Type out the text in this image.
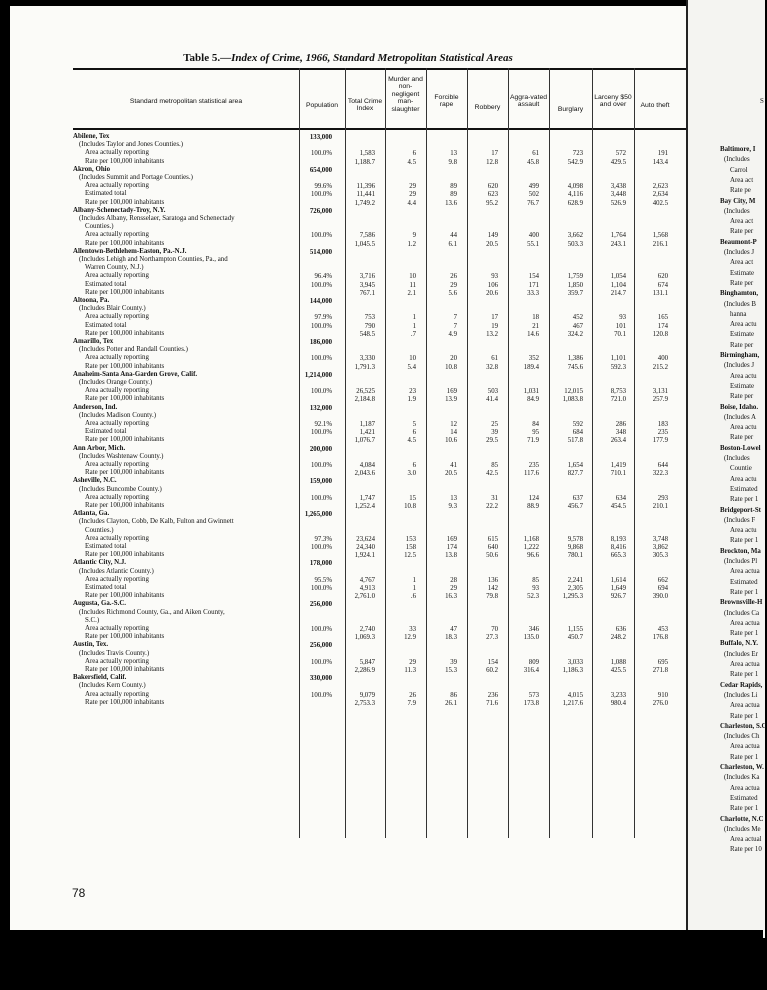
Table 5.—Index of Crime, 1966, Standard Metropolitan Statistical Areas
Standard metropolitan statistical area
Population
Total Crime Index
Murder and non-negligent man-slaughter
Forcible rape	Robbery
Aggra-vated assault
Burglary
Larceny $50 and over	Auto theft
Abilene, Tex	133,000
(Includes Taylor and Jones Counties.)
Area actually reporting	100.0%	1,583	6	13	17	61	723	572	191
Rate per 100,000 inhabitants	1,188.7	4.5	9.8	12.8	45.8	542.9	429.5	143.4
Akron, Ohio	654,000
(Includes Summit and Portage Counties.)
Area actually reporting	99.6%	11,396	29	89	620	499	4,098	3,438	2,623
Estimated total	100.0%	11,441	29	89	623	502	4,116	3,448	2,634
Rate per 100,000 inhabitants	1,749.2	4.4	13.6	95.2	76.7	628.9	526.9	402.5
Albany-Schenectady-Troy, N.Y.	726,000
(Includes Albany, Rensselaer, Saratoga and Schenectady
Counties.)
Area actually reporting	100.0%	7,586	9	44	149	400	3,662	1,764	1,568
Rate per 100,000 inhabitants	1,045.5	1.2	6.1	20.5	55.1	503.3	243.1	216.1
Allentown-Bethlehem-Easton, Pa.-N.J.	514,000
(Includes Lehigh and Northampton Counties, Pa., and
Warren County, N.J.)
Area actually reporting	96.4%	3,716	10	26	93	154	1,759	1,054	620
Estimated total	100.0%	3,945	11	29	106	171	1,850	1,104	674
Rate per 100,000 inhabitants	767.1	2.1	5.6	20.6	33.3	359.7	214.7	131.1
Altoona, Pa.	144,000
(Includes Blair County.)
Area actually reporting	97.9%	753	1	7	17	18	452	93	165
Estimated total	100.0%	790	1	7	19	21	467	101	174
Rate per 100,000 inhabitants	548.5	.7	4.9	13.2	14.6	324.2	70.1	120.8
Amarillo, Tex	186,000
(Includes Potter and Randall Counties.)
Area actually reporting	100.0%	3,330	10	20	61	352	1,386	1,101	400
Rate per 100,000 inhabitants	1,791.3	5.4	10.8	32.8	189.4	745.6	592.3	215.2
Anaheim-Santa Ana-Garden Grove, Calif.	1,214,000
(Includes Orange County.)
Area actually reporting	100.0%	26,525	23	169	503	1,031	12,015	8,753	3,131
Rate per 100,000 inhabitants	2,184.8	1.9	13.9	41.4	84.9	1,083.8	721.0	257.9
Anderson, Ind.	132,000
(Includes Madison County.)
Area actually reporting	92.1%	1,187	5	12	25	84	592	286	183
Estimated total	100.0%	1,421	6	14	39	95	684	348	235
Rate per 100,000 inhabitants	1,076.7	4.5	10.6	29.5	71.9	517.8	263.4	177.9
Ann Arbor, Mich.	200,000
(Includes Washtenaw County.)
Area actually reporting	100.0%	4,084	6	41	85	235	1,654	1,419	644
Rate per 100,000 inhabitants	2,043.6	3.0	20.5	42.5	117.6	827.7	710.1	322.3
Asheville, N.C.	159,000
(Includes Buncombe County.)
Area actually reporting	100.0%	1,747	15	13	31	124	637	634	293
Rate per 100,000 inhabitants	1,252.4	10.8	9.3	22.2	88.9	456.7	454.5	210.1
Atlanta, Ga.	1,265,000
(Includes Clayton, Cobb, De Kalb, Fulton and Gwinnett
Counties.)
Area actually reporting	97.3%	23,624	153	169	615	1,168	9,578	8,193	3,748
Estimated total	100.0%	24,340	158	174	640	1,222	9,868	8,416	3,862
Rate per 100,000 inhabitants	1,924.1	12.5	13.8	50.6	96.6	780.1	665.3	305.3
Atlantic City, N.J.	178,000
(Includes Atlantic County.)
Area actually reporting	95.5%	4,767	1	28	136	85	2,241	1,614	662
Estimated total	100.0%	4,913	1	29	142	93	2,305	1,649	694
Rate per 100,000 inhabitants	2,761.0	.6	16.3	79.8	52.3	1,295.3	926.7	390.0
Augusta, Ga.-S.C.	256,000
(Includes Richmond County, Ga., and Aiken County,
S.C.)
Area actually reporting	100.0%	2,740	33	47	70	346	1,155	636	453
Rate per 100,000 inhabitants	1,069.3	12.9	18.3	27.3	135.0	450.7	248.2	176.8
Austin, Tex.	256,000
(Includes Travis County.)
Area actually reporting	100.0%	5,847	29	39	154	809	3,033	1,088	695
Rate per 100,000 inhabitants	2,286.9	11.3	15.3	60.2	316.4	1,186.3	425.5	271.8
Bakersfield, Calif.	330,000
(Includes Kern County.)
Area actually reporting	100.0%	9,079	26	86	236	573	4,015	3,233	910
Rate per 100,000 inhabitants	2,753.3	7.9	26.1	71.6	173.8	1,217.6	980.4	276.0
78
S
Baltimore, I
(Includes
Carrol
Area act
Rate pe
Bay City, M
(Includes
Area act
Rate per
Beaumont-P
(Includes J
Area act
Estimate
Rate per
Binghamton,
(Includes B
hanna
Area actu
Estimate
Rate per
Birmingham,
(Includes J
Area actu
Estimate
Rate per
Boise, Idaho.
(Includes A
Area actu
Rate per
Boston-Lowel
(Includes
Countie
Area actu
Estimated
Rate per 1
Bridgeport-St
(Includes F
Area actu
Rate per 1
Brockton, Ma
(Includes Pl
Area actua
Estimated
Rate per 1
Brownsville-H
(Includes Ca
Area actua
Rate per 1
Buffalo, N.Y.
(Includes Er
Area actua
Rate per 1
Cedar Rapids,
(Includes Li
Area actua
Rate per 1
Charleston, S.C
(Includes Ch
Area actua
Rate per 1
Charleston, W.
(Includes Ka
Area actua
Estimated
Rate per 1
Charlotte, N.C
(Includes Me
Area actual
Rate per 10
